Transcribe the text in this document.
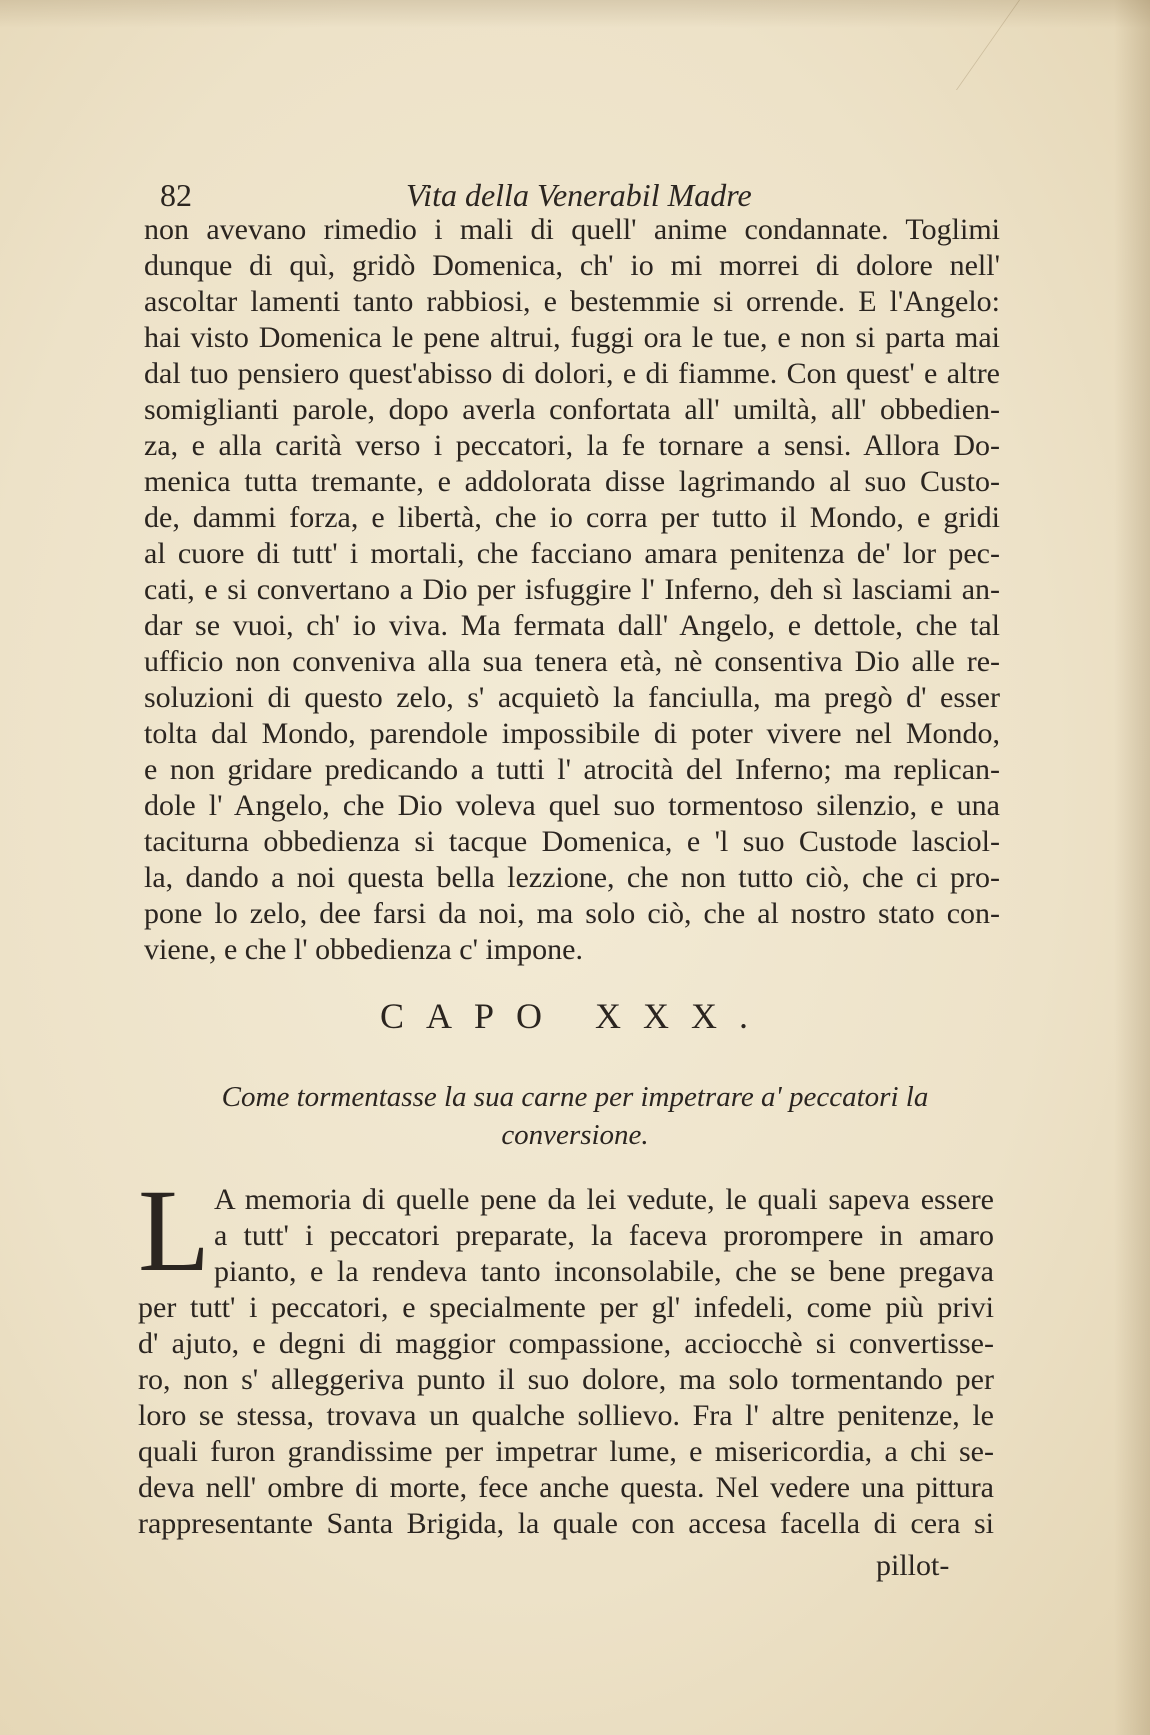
82	Vita della Venerabil Madre
non avevano rimedio i mali di quell' anime condannate. Toglimi
dunque di quì, gridò Domenica, ch' io mi morrei di dolore nell'
ascoltar lamenti tanto rabbiosi, e bestemmie si orrende. E l'Angelo:
hai visto Domenica le pene altrui, fuggi ora le tue, e non si parta mai
dal tuo pensiero quest'abisso di dolori, e di fiamme. Con quest' e altre
somiglianti parole, dopo averla confortata all' umiltà, all' obbedien-
za, e alla carità verso i peccatori, la fe tornare a sensi. Allora Do-
menica tutta tremante, e addolorata disse lagrimando al suo Custo-
de, dammi forza, e libertà, che io corra per tutto il Mondo, e gridi
al cuore di tutt' i mortali, che facciano amara penitenza de' lor pec-
cati, e si convertano a Dio per isfuggire l' Inferno, deh sì lasciami an-
dar se vuoi, ch' io viva. Ma fermata dall' Angelo, e dettole, che tal
ufficio non conveniva alla sua tenera età, nè consentiva Dio alle re-
soluzioni di questo zelo, s' acquietò la fanciulla, ma pregò d' esser
tolta dal Mondo, parendole impossibile di poter vivere nel Mondo,
e non gridare predicando a tutti l' atrocità del Inferno; ma replican-
dole l' Angelo, che Dio voleva quel suo tormentoso silenzio, e una
taciturna obbedienza si tacque Domenica, e 'l suo Custode lasciol-
la, dando a noi questa bella lezzione, che non tutto ciò, che ci pro-
pone lo zelo, dee farsi da noi, ma solo ciò, che al nostro stato con-
viene, e che l' obbedienza c' impone.
CAPO XXX.
Come tormentasse la sua carne per impetrare a' peccatori la
conversione.
L A memoria di quelle pene da lei vedute, le quali sapeva essere
a tutt' i peccatori preparate, la faceva prorompere in amaro
pianto, e la rendeva tanto inconsolabile, che se bene pregava
per tutt' i peccatori, e specialmente per gl' infedeli, come più privi
d' ajuto, e degni di maggior compassione, acciocchè si convertisse-
ro, non s' alleggeriva punto il suo dolore, ma solo tormentando per
loro se stessa, trovava un qualche sollievo. Fra l' altre penitenze, le
quali furon grandissime per impetrar lume, e misericordia, a chi se-
deva nell' ombre di morte, fece anche questa. Nel vedere una pittura
rappresentante Santa Brigida, la quale con accesa facella di cera si
pillot-
